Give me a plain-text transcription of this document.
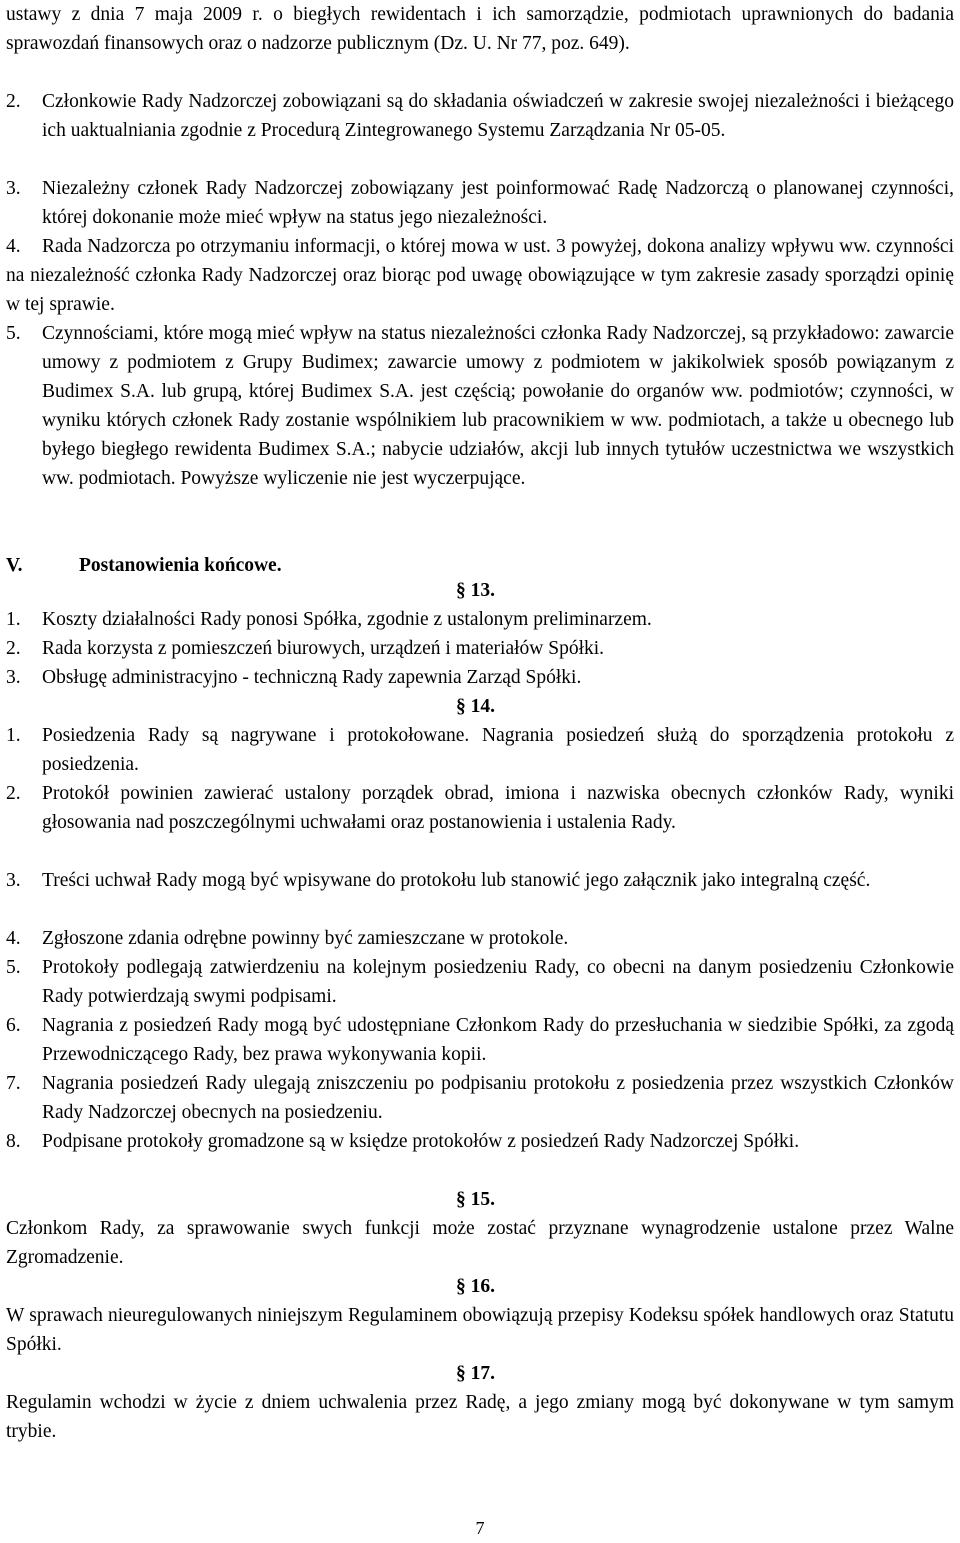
ustawy z dnia 7 maja 2009 r. o biegłych rewidentach i ich samorządzie, podmiotach uprawnionych do badania sprawozdań finansowych oraz o nadzorze publicznym (Dz. U. Nr 77, poz. 649).
2. Członkowie Rady Nadzorczej zobowiązani są do składania oświadczeń w zakresie swojej niezależności i bieżącego ich uaktualniania zgodnie z Procedurą Zintegrowanego Systemu Zarządzania Nr 05-05.
3. Niezależny członek Rady Nadzorczej zobowiązany jest poinformować Radę Nadzorczą o planowanej czynności, której dokonanie może mieć wpływ na status jego niezależności.
4.	Rada Nadzorcza po otrzymaniu informacji, o której mowa w ust. 3 powyżej, dokona analizy wpływu ww. czynności na niezależność członka Rady Nadzorczej oraz biorąc pod uwagę obowiązujące w tym zakresie zasady sporządzi opinię w tej sprawie.
5. Czynnościami, które mogą mieć wpływ na status niezależności członka Rady Nadzorczej, są przykładowo: zawarcie umowy z podmiotem z Grupy Budimex; zawarcie umowy z podmiotem w jakikolwiek sposób powiązanym z Budimex S.A. lub grupą, której Budimex S.A. jest częścią; powołanie do organów ww. podmiotów; czynności, w wyniku których członek Rady zostanie wspólnikiem lub pracownikiem w ww. podmiotach, a także u obecnego lub byłego biegłego rewidenta Budimex S.A.; nabycie udziałów, akcji lub innych tytułów uczestnictwa we wszystkich ww. podmiotach. Powyższe wyliczenie nie jest wyczerpujące.
V.	Postanowienia końcowe.
§ 13.
1. Koszty działalności Rady ponosi Spółka, zgodnie z ustalonym preliminarzem.
2. Rada korzysta z pomieszczeń biurowych, urządzeń i materiałów Spółki.
3. Obsługę administracyjno - techniczną Rady zapewnia Zarząd Spółki.
§ 14.
1. Posiedzenia Rady są nagrywane i protokołowane. Nagrania posiedzeń służą do sporządzenia protokołu z posiedzenia.
2. Protokół powinien zawierać ustalony porządek obrad, imiona i nazwiska obecnych członków Rady, wyniki głosowania nad poszczególnymi uchwałami oraz postanowienia i ustalenia Rady.
3. Treści uchwał Rady mogą być wpisywane do protokołu lub stanowić jego załącznik jako integralną część.
4. Zgłoszone zdania odrębne powinny być zamieszczane w protokole.
5. Protokoły podlegają zatwierdzeniu na kolejnym posiedzeniu Rady, co obecni na danym posiedzeniu Członkowie Rady potwierdzają swymi podpisami.
6. Nagrania z posiedzeń Rady mogą być udostępniane Członkom Rady do przesłuchania w siedzibie Spółki, za zgodą Przewodniczącego Rady, bez prawa wykonywania kopii.
7. Nagrania posiedzeń Rady ulegają zniszczeniu po podpisaniu protokołu z posiedzenia przez wszystkich Członków Rady Nadzorczej obecnych na posiedzeniu.
8. Podpisane protokoły gromadzone są w księdze protokołów z posiedzeń Rady Nadzorczej Spółki.
§ 15.
Członkom Rady, za sprawowanie swych funkcji może zostać przyznane wynagrodzenie ustalone przez Walne Zgromadzenie.
§ 16.
W sprawach nieuregulowanych niniejszym Regulaminem obowiązują przepisy Kodeksu spółek handlowych oraz Statutu Spółki.
§ 17.
Regulamin wchodzi w życie z dniem uchwalenia przez Radę, a jego zmiany mogą być dokonywane w tym samym trybie.
7
